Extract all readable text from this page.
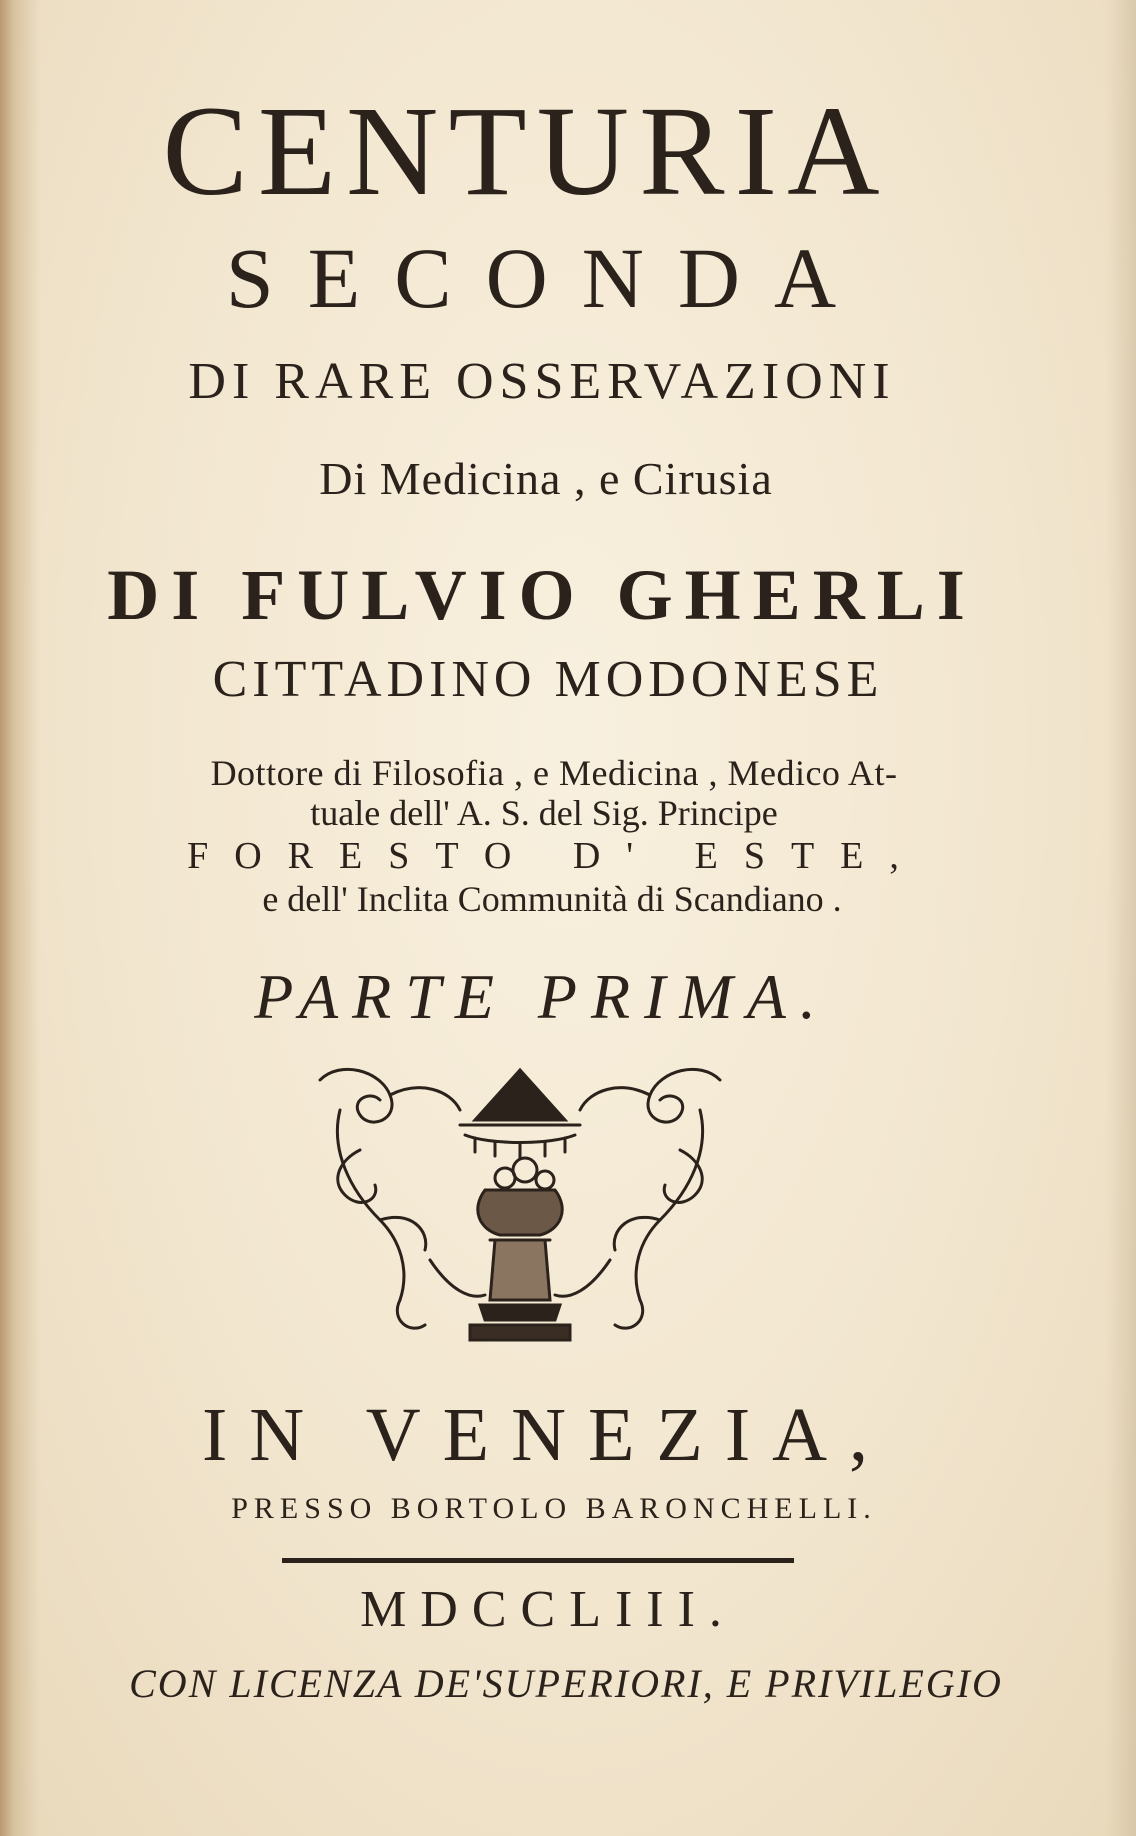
CENTURIA
SECONDA
DI RARE OSSERVAZIONI
Di Medicina , e Cirusia
DI FULVIO GHERLI
CITTADINO MODONESE
Dottore di Filosofia , e Medicina , Medico At-
tuale dell' A. S. del Sig. Principe
FORESTO D' ESTE,
e dell' Inclita Communità di Scandiano .
PARTE PRIMA.
IN VENEZIA,
PRESSO BORTOLO BARONCHELLI.
MDCCLIII.
CON LICENZA DE'SUPERIORI, E PRIVILEGIO
